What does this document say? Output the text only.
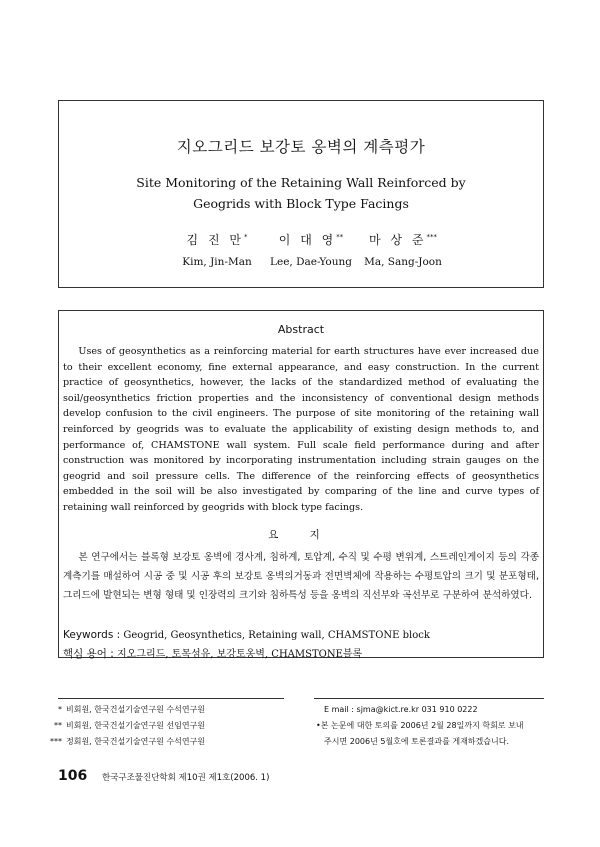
지오그리드 보강토 옹벽의 계측평가
Site Monitoring of the Retaining Wall Reinforced by
Geogrids with Block Type Facings
김 진 만*
Kim, Jin-Man
이 대 영**
Lee, Dae-Young
마 상 준***
Ma, Sang-Joon
Abstract
Uses of geosynthetics as a reinforcing material for earth structures have ever increased due to their excellent economy, fine external appearance, and easy construction. In the current practice of geosynthetics, however, the lacks of the standardized method of evaluating the soil/geosynthetics friction properties and the inconsistency of conventional design methods develop confusion to the civil engineers. The purpose of site monitoring of the retaining wall reinforced by geogrids was to evaluate the applicability of existing design methods to, and performance of, CHAMSTONE wall system. Full scale field performance during and after construction was monitored by incorporating instrumentation including strain gauges on the geogrid and soil pressure cells. The difference of the reinforcing effects of geosynthetics embedded in the soil will be also investigated by comparing of the line and curve types of retaining wall reinforced by geogrids with block type facings.
요 지
본 연구에서는 블록형 보강토 옹벽에 경사계, 침하계, 토압계, 수직 및 수평 변위계, 스트레인게이지 등의 각종 계측기를 매설하여 시공 중 및 시공 후의 보강토 옹벽의거동과 전면벽체에 작용하는 수평토압의 크기 및 분포형태, 그리드에 발현되는 변형 형태 및 인장력의 크기와 침하특성 등을 옹벽의 직선부와 곡선부로 구분하여 분석하였다.
Keywords : Geogrid, Geosynthetics, Retaining wall, CHAMSTONE block
핵심 용어 : 지오그리드, 토목섬유, 보강토옹벽, CHAMSTONE블록
* 비회원, 한국건설기술연구원 수석연구원
** 비회원, 한국건설기술연구원 선임연구원
*** 정회원, 한국건설기술연구원 수석연구원
E mail : sjma@kict.re.kr 031 910 0222
•본 논문에 대한 토의를 2006년 2월 28일까지 학회로 보내
주시면 2006년 5월호에 토론결과를 게재하겠습니다.
106 한국구조물진단학회 제10권 제1호(2006. 1)
